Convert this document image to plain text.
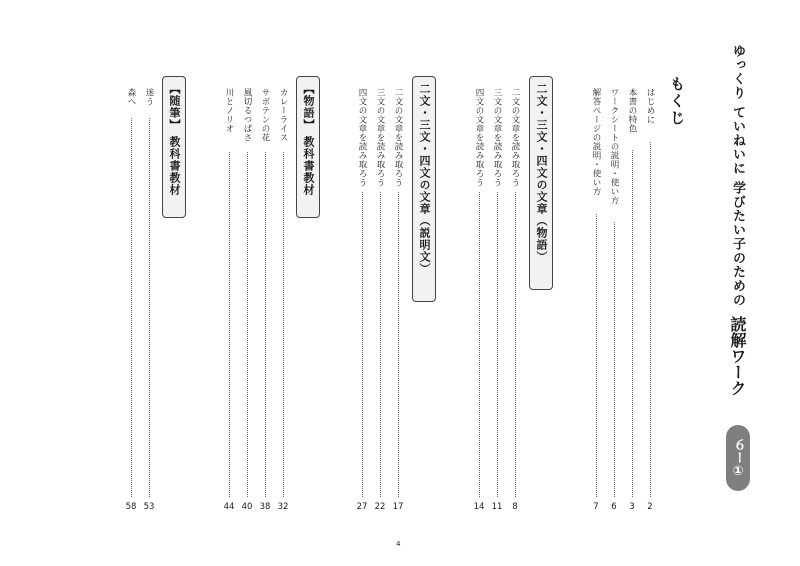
ゆっくり ていねいに 学びたい子のための
読解ワーク
６ー①
もくじ
はじめに
2
本書の特色
3
ワークシートの説明・使い方
6
解答ページの説明・使い方
7
二文・三文・四文の文章（物語）
二文の文章を読み取ろう
8
三文の文章を読み取ろう
11
四文の文章を読み取ろう
14
二文・三文・四文の文章（説明文）
二文の文章を読み取ろう
17
三文の文章を読み取ろう
22
四文の文章を読み取ろう
27
【物語】 教科書教材
カレーライス
32
サボテンの花
38
風切るつばさ
40
川とノリオ
44
【随筆】 教科書教材
迷う
53
森へ
58
4
